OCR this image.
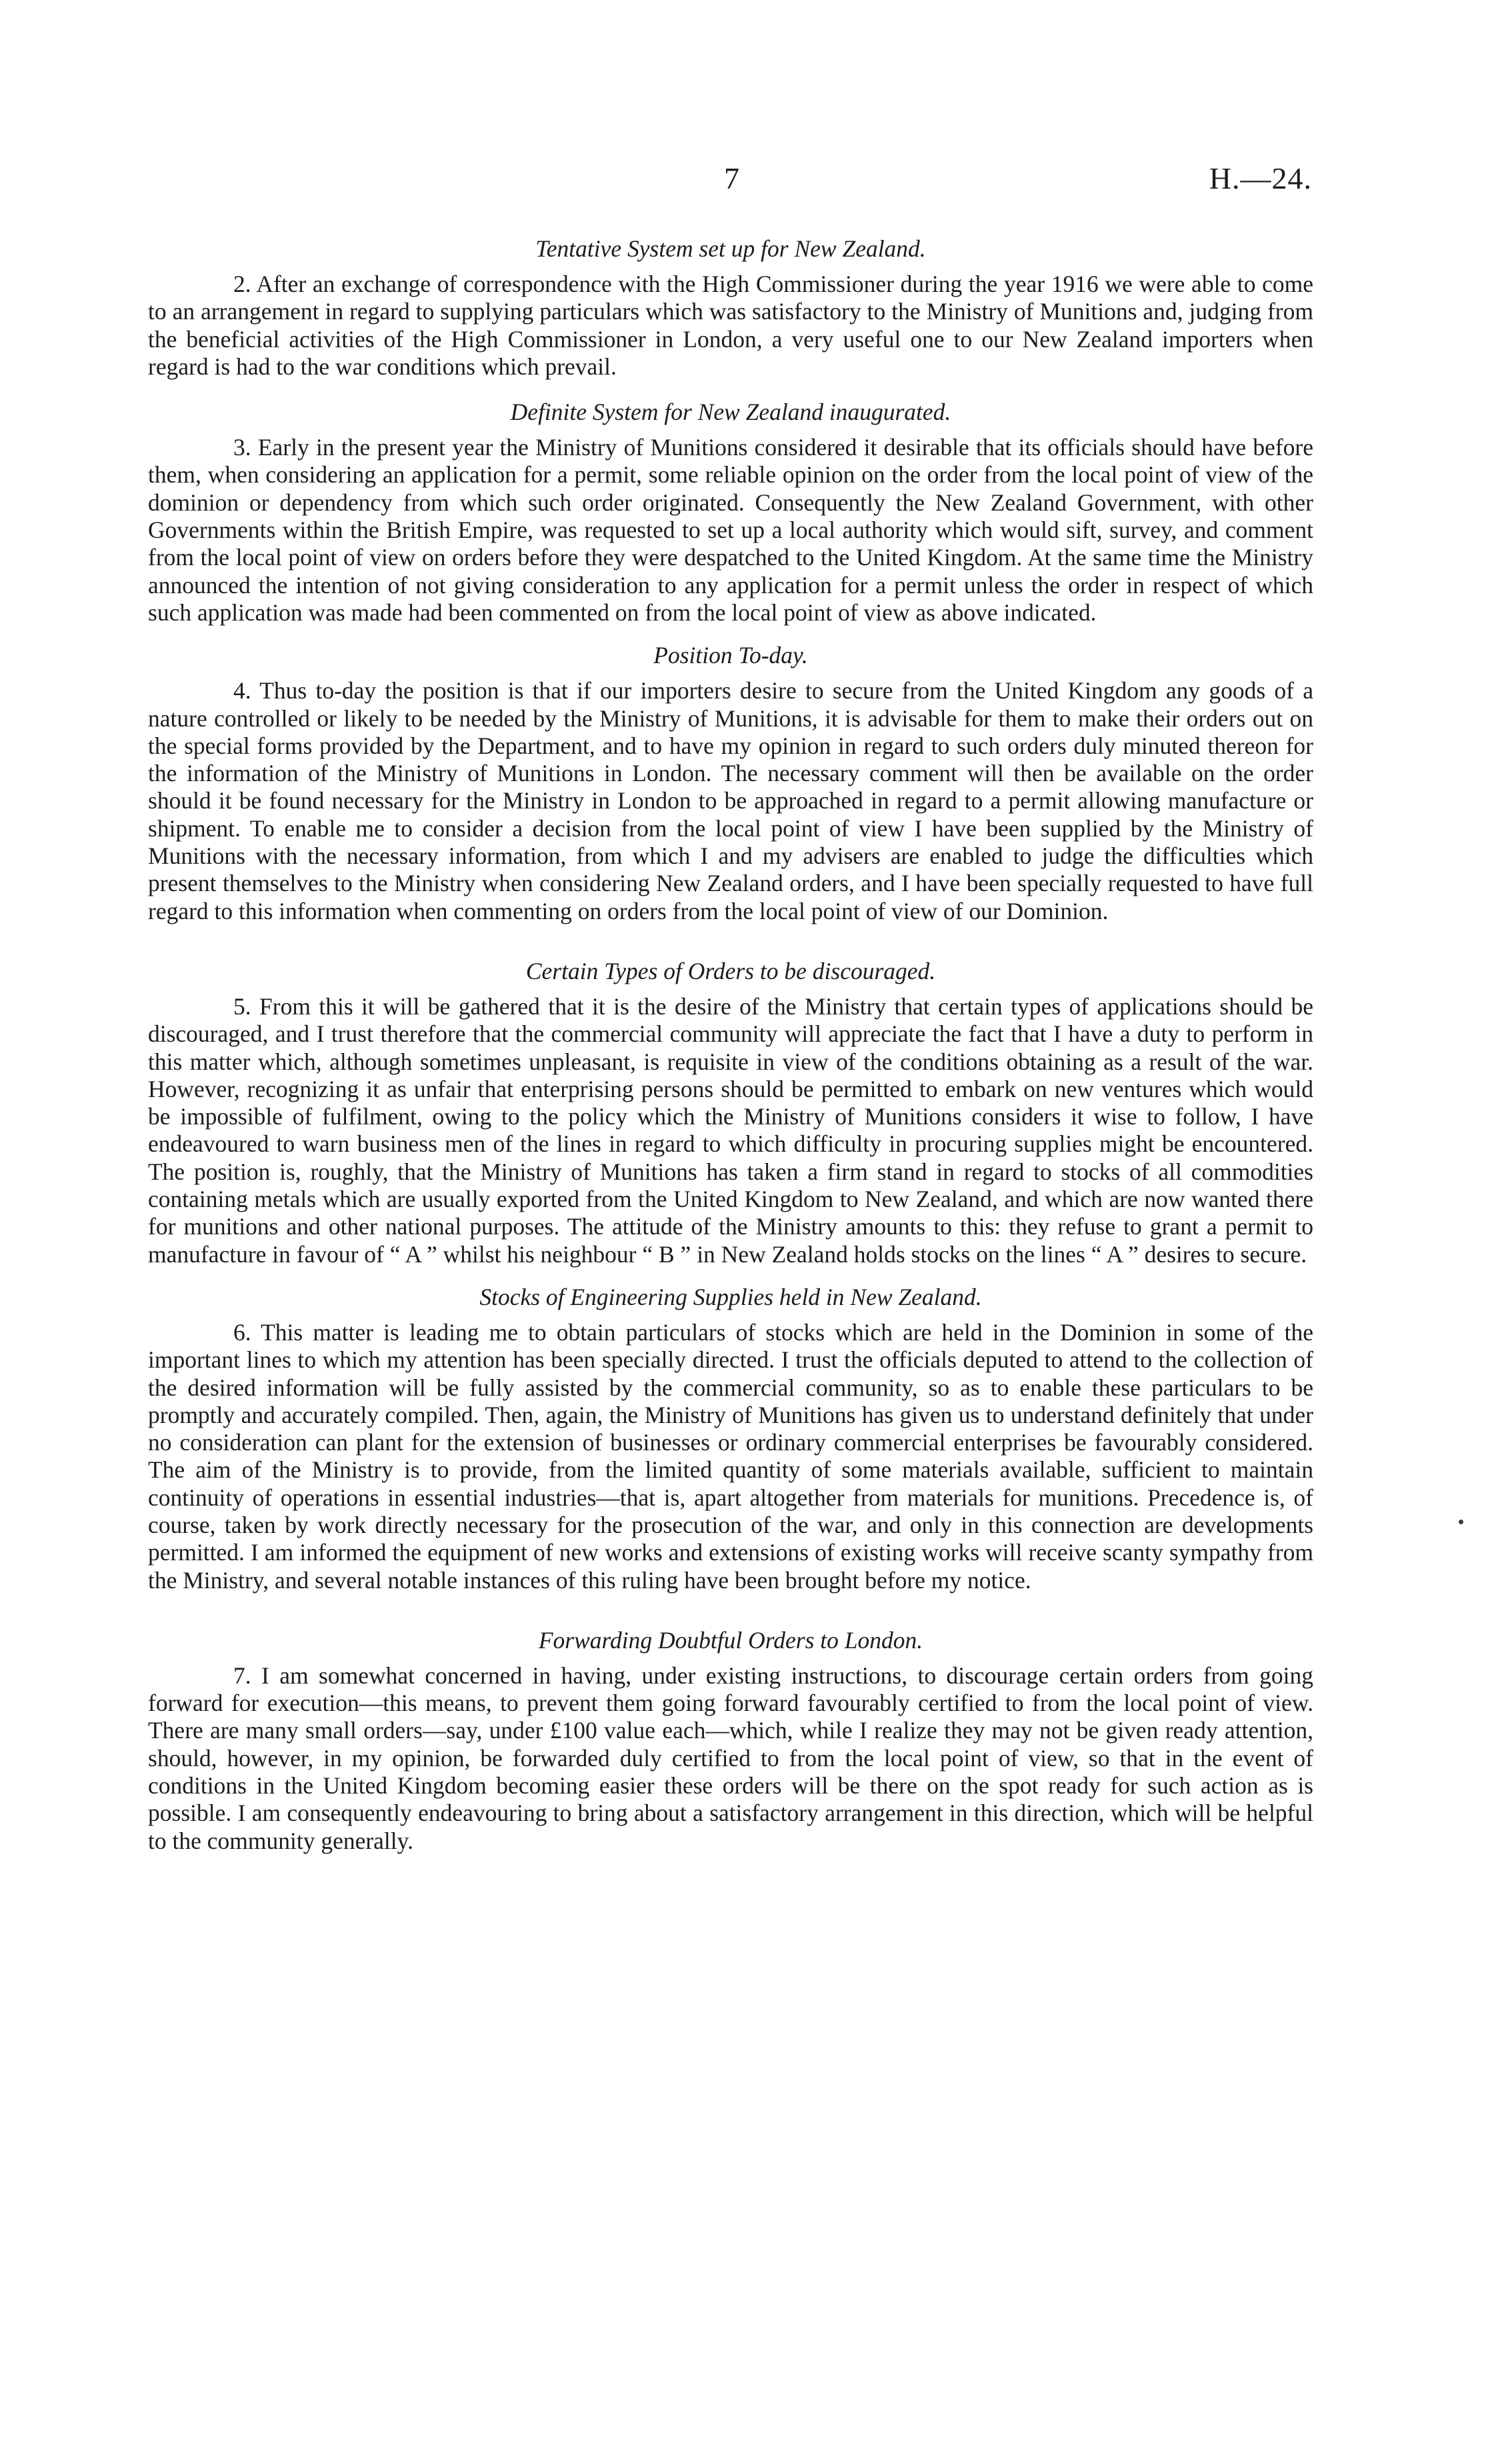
7	H.—24.

Tentative System set up for New Zealand.

2. After an exchange of correspondence with the High Commissioner during the year 1916 we were able to come to an arrangement in regard to supplying particulars which was satisfactory to the Ministry of Munitions and, judging from the beneficial activities of the High Commissioner in London, a very useful one to our New Zealand importers when regard is had to the war conditions which prevail.

Definite System for New Zealand inaugurated.

3. Early in the present year the Ministry of Munitions considered it desirable that its officials should have before them, when considering an application for a permit, some reliable opinion on the order from the local point of view of the dominion or dependency from which such order originated. Consequently the New Zealand Government, with other Governments within the British Empire, was requested to set up a local authority which would sift, survey, and comment from the local point of view on orders before they were despatched to the United Kingdom. At the same time the Ministry announced the intention of not giving consideration to any application for a permit unless the order in respect of which such application was made had been commented on from the local point of view as above indicated.

Position To-day.

4. Thus to-day the position is that if our importers desire to secure from the United Kingdom any goods of a nature controlled or likely to be needed by the Ministry of Munitions, it is advisable for them to make their orders out on the special forms provided by the Department, and to have my opinion in regard to such orders duly minuted thereon for the information of the Ministry of Munitions in London. The necessary comment will then be available on the order should it be found necessary for the Ministry in London to be approached in regard to a permit allowing manufacture or shipment. To enable me to consider a decision from the local point of view I have been supplied by the Ministry of Munitions with the necessary information, from which I and my advisers are enabled to judge the difficulties which present themselves to the Ministry when considering New Zealand orders, and I have been specially requested to have full regard to this information when commenting on orders from the local point of view of our Dominion.

Certain Types of Orders to be discouraged.

5. From this it will be gathered that it is the desire of the Ministry that certain types of applications should be discouraged, and I trust therefore that the commercial community will appreciate the fact that I have a duty to perform in this matter which, although sometimes unpleasant, is requisite in view of the conditions obtaining as a result of the war. However, recognizing it as unfair that enterprising persons should be permitted to embark on new ventures which would be impossible of fulfilment, owing to the policy which the Ministry of Munitions considers it wise to follow, I have endeavoured to warn business men of the lines in regard to which difficulty in procuring supplies might be encountered. The position is, roughly, that the Ministry of Munitions has taken a firm stand in regard to stocks of all commodities containing metals which are usually exported from the United Kingdom to New Zealand, and which are now wanted there for munitions and other national purposes. The attitude of the Ministry amounts to this: they refuse to grant a permit to manufacture in favour of “ A ” whilst his neighbour “ B ” in New Zealand holds stocks on the lines “ A ” desires to secure.

Stocks of Engineering Supplies held in New Zealand.

6. This matter is leading me to obtain particulars of stocks which are held in the Dominion in some of the important lines to which my attention has been specially directed. I trust the officials deputed to attend to the collection of the desired information will be fully assisted by the commercial community, so as to enable these particulars to be promptly and accurately compiled. Then, again, the Ministry of Munitions has given us to understand definitely that under no consideration can plant for the extension of businesses or ordinary commercial enterprises be favourably considered. The aim of the Ministry is to provide, from the limited quantity of some materials available, sufficient to maintain continuity of operations in essential industries—that is, apart altogether from materials for munitions. Precedence is, of course, taken by work directly necessary for the prosecution of the war, and only in this connection are developments permitted. I am informed the equipment of new works and extensions of existing works will receive scanty sympathy from the Ministry, and several notable instances of this ruling have been brought before my notice.

Forwarding Doubtful Orders to London.

7. I am somewhat concerned in having, under existing instructions, to discourage certain orders from going forward for execution—this means, to prevent them going forward favourably certified to from the local point of view. There are many small orders—say, under £100 value each—which, while I realize they may not be given ready attention, should, however, in my opinion, be forwarded duly certified to from the local point of view, so that in the event of conditions in the United Kingdom becoming easier these orders will be there on the spot ready for such action as is possible. I am consequently endeavouring to bring about a satisfactory arrangement in this direction, which will be helpful to the community generally.
